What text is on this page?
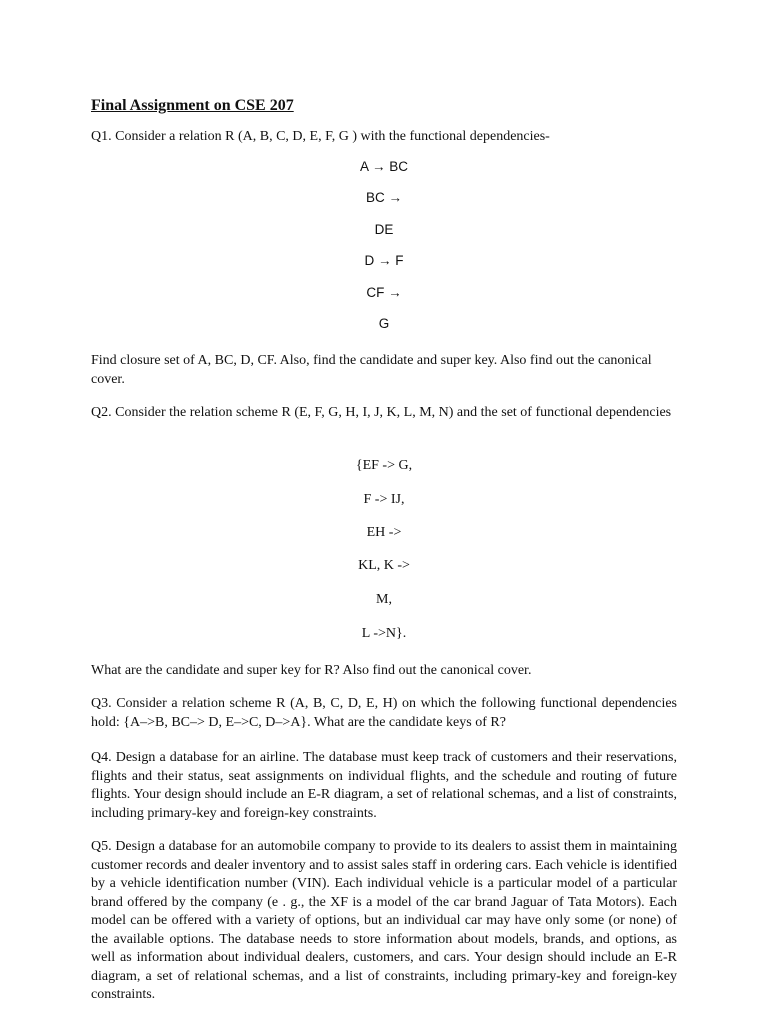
Final Assignment on CSE 207

Q1. Consider a relation R (A, B, C, D, E, F, G ) with the functional dependencies-

A → BC
BC →
DE
D → F
CF →
G

Find closure set of A, BC, D, CF. Also, find the candidate and super key. Also find out the canonical cover.

Q2. Consider the relation scheme R (E, F, G, H, I, J, K, L, M, N) and the set of functional dependencies

{EF -> G,
F -> IJ,
EH ->
KL, K ->
M,
L ->N}.

What are the candidate and super key for R? Also find out the canonical cover.

Q3. Consider a relation scheme R (A, B, C, D, E, H) on which the following functional dependencies hold: {A–>B, BC–> D, E–>C, D–>A}. What are the candidate keys of R?

Q4. Design a database for an airline. The database must keep track of customers and their reservations, flights and their status, seat assignments on individual flights, and the schedule and routing of future flights. Your design should include an E-R diagram, a set of relational schemas, and a list of constraints, including primary-key and foreign-key constraints.

Q5. Design a database for an automobile company to provide to its dealers to assist them in maintaining customer records and dealer inventory and to assist sales staff in ordering cars. Each vehicle is identified by a vehicle identification number (VIN). Each individual vehicle is a particular model of a particular brand offered by the company (e . g., the XF is a model of the car brand Jaguar of Tata Motors). Each model can be offered with a variety of options, but an individual car may have only some (or none) of the available options. The database needs to store information about models, brands, and options, as well as information about individual dealers, customers, and cars. Your design should include an E-R diagram, a set of relational schemas, and a list of constraints, including primary-key and foreign-key constraints.
